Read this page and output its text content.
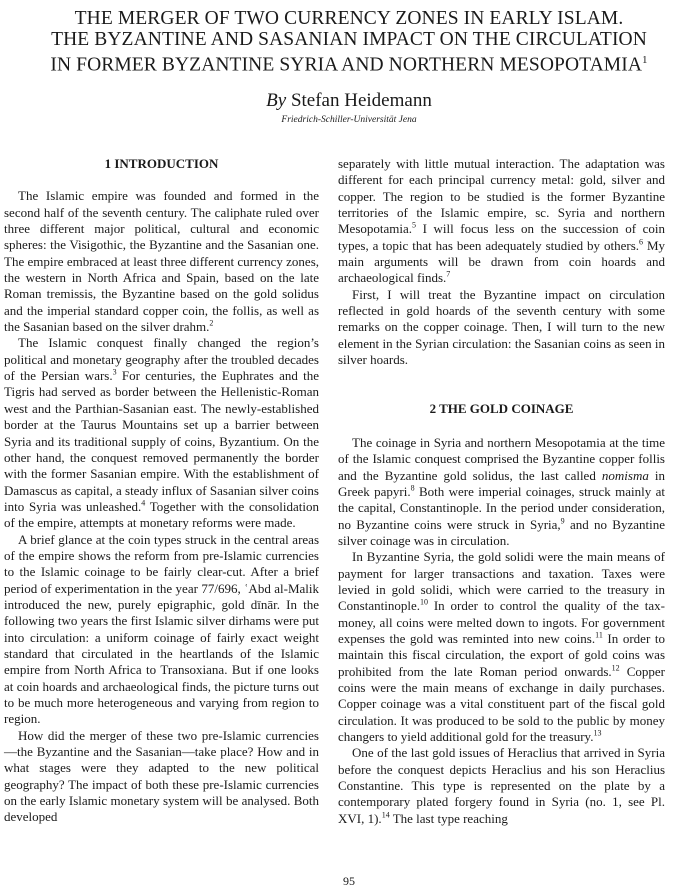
THE MERGER OF TWO CURRENCY ZONES IN EARLY ISLAM.
THE BYZANTINE AND SASANIAN IMPACT ON THE CIRCULATION
IN FORMER BYZANTINE SYRIA AND NORTHERN MESOPOTAMIA$^1$
By Stefan Heidemann
Friedrich-Schiller-Universität Jena
1 INTRODUCTION

The Islamic empire was founded and formed in the second half of the seventh century. The caliphate ruled over three different major political, cultural and economic spheres: the Visigothic, the Byzantine and the Sasanian one. The empire embraced at least three different currency zones, the western in North Africa and Spain, based on the late Roman tremissis, the Byzantine based on the gold solidus and the imperial standard copper coin, the follis, as well as the Sasanian based on the silver drahm.$^2$

The Islamic conquest finally changed the region’s political and monetary geography after the troubled decades of the Persian wars.$^3$ For centuries, the Euphrates and the Tigris had served as border between the Hellenistic-Roman west and the Parthian-Sasanian east. The newly-established border at the Taurus Mountains set up a barrier between Syria and its traditional supply of coins, Byzantium. On the other hand, the conquest removed permanently the border with the former Sasanian empire. With the establishment of Damascus as capital, a steady influx of Sasanian silver coins into Syria was unleashed.$^4$ Together with the consolidation of the empire, attempts at monetary reforms were made.

A brief glance at the coin types struck in the central areas of the empire shows the reform from pre-Islamic currencies to the Islamic coinage to be fairly clear-cut. After a brief period of experimentation in the year 77/696, ʿAbd al-Malik introduced the new, purely epigraphic, gold dīnār. In the following two years the first Islamic silver dirhams were put into circulation: a uniform coinage of fairly exact weight standard that circulated in the heartlands of the Islamic empire from North Africa to Transoxiana. But if one looks at coin hoards and archaeological finds, the picture turns out to be much more heterogeneous and varying from region to region.

How did the merger of these two pre-Islamic currencies—the Byzantine and the Sasanian—take place? How and in what stages were they adapted to the new political geography? The impact of both these pre-Islamic currencies on the early Islamic monetary system will be analysed. Both developed

separately with little mutual interaction. The adaptation was different for each principal currency metal: gold, silver and copper. The region to be studied is the former Byzantine territories of the Islamic empire, sc. Syria and northern Mesopotamia.$^5$ I will focus less on the succession of coin types, a topic that has been adequately studied by others.$^6$ My main arguments will be drawn from coin hoards and archaeological finds.$^7$

First, I will treat the Byzantine impact on circulation reflected in gold hoards of the seventh century with some remarks on the copper coinage. Then, I will turn to the new element in the Syrian circulation: the Sasanian coins as seen in silver hoards.

2 THE GOLD COINAGE

The coinage in Syria and northern Mesopotamia at the time of the Islamic conquest comprised the Byzantine copper follis and the Byzantine gold solidus, the last called nomisma in Greek papyri.$^8$ Both were imperial coinages, struck mainly at the capital, Constantinople. In the period under consideration, no Byzantine coins were struck in Syria,$^9$ and no Byzantine silver coinage was in circulation.

In Byzantine Syria, the gold solidi were the main means of payment for larger transactions and taxation. Taxes were levied in gold solidi, which were carried to the treasury in Constantinople.$^{10}$ In order to control the quality of the tax-money, all coins were melted down to ingots. For government expenses the gold was reminted into new coins.$^{11}$ In order to maintain this fiscal circulation, the export of gold coins was prohibited from the late Roman period onwards.$^{12}$ Copper coins were the main means of exchange in daily purchases. Copper coinage was a vital constituent part of the fiscal gold circulation. It was produced to be sold to the public by money changers to yield additional gold for the treasury.$^{13}$

One of the last gold issues of Heraclius that arrived in Syria before the conquest depicts Heraclius and his son Heraclius Constantine. This type is represented on the plate by a contemporary plated forgery found in Syria (no. 1, see Pl. XVI, 1).$^{14}$ The last type reaching

95
